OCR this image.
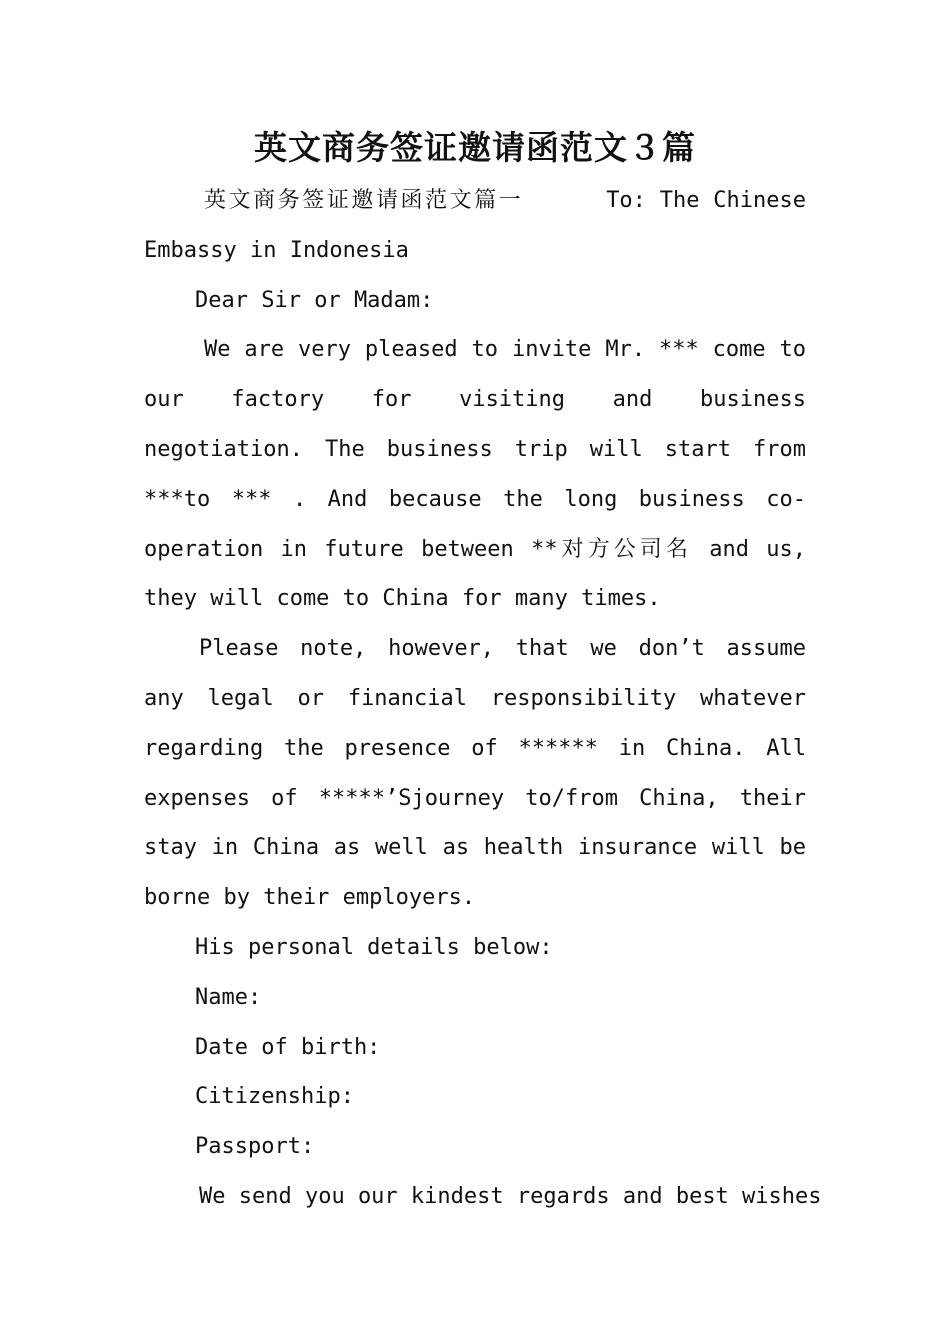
英文商务签证邀请函范文３篇

英文商务签证邀请函范文篇一	To: The Chinese Embassy in Indonesia

Dear Sir or Madam:

We are very pleased to invite Mr. *** come to our factory for visiting and business negotiation. The business trip will start from ***to *** . And because the long business co-operation in future between **对方公司名 and us, they will come to China for many times.

Please note, however, that we don’t assume any legal or financial responsibility whatever regarding the presence of ****** in China. All expenses of *****’Sjourney to/from China, their stay in China as well as health insurance will be borne by their employers.

His personal details below:

Name:

Date of birth:

Citizenship:

Passport:

We send you our kindest regards and best wishes
